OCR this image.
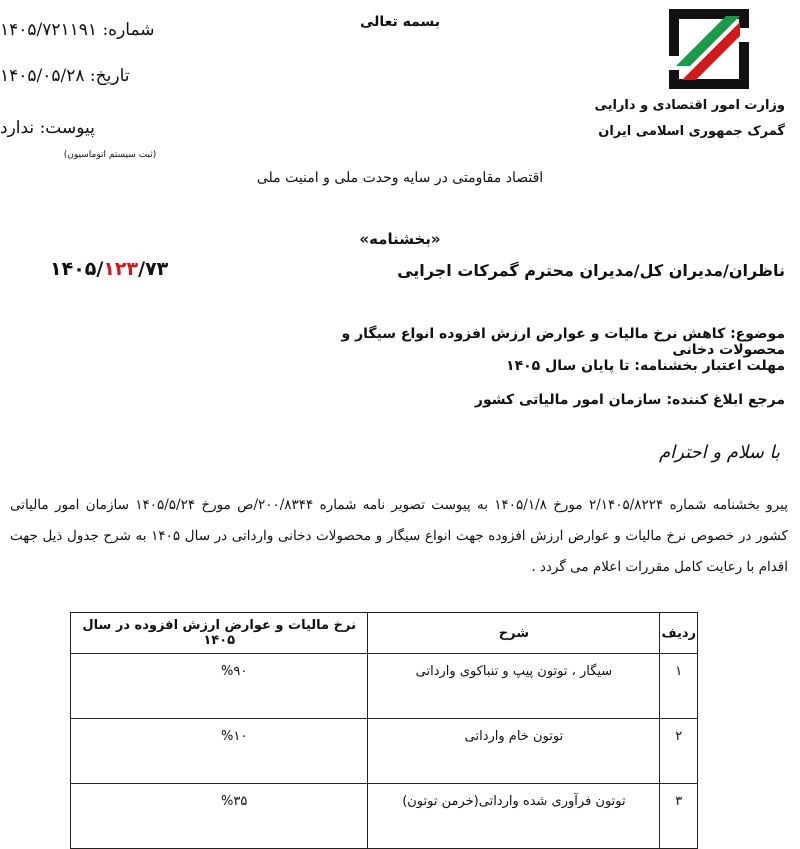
بسمه تعالی
شماره: ۱۴۰۵/۷۲۱۱۹۱
تاریخ: ۱۴۰۵/۰۵/۲۸
پیوست: ندارد
(ثبت سیستم اتوماسیون)
وزارت امور اقتصادی و دارایی
گمرک جمهوری اسلامی ایران
اقتصاد مقاومتی در سایه وحدت ملی و امنیت ملی
«بخشنامه»
ناظران/مدیران کل/مدیران محترم گمرکات اجرایی
۱۴۰۵/۱۲۳/۷۳
موضوع: کاهش نرخ مالیات و عوارض ارزش افزوده انواع سیگار و محصولات دخانی
مهلت اعتبار بخشنامه: تا پایان سال ۱۴۰۵
مرجع ابلاغ کننده: سازمان امور مالیاتی کشور
با سلام و احترام
پیرو بخشنامه شماره ۲/۱۴۰۵/۸۲۲۴ مورخ ۱۴۰۵/۱/۸ به پیوست تصویر نامه شماره ۲۰۰/۸۳۴۴/ص مورخ ۱۴۰۵/۵/۲۴ سازمان امور مالیاتی کشور در خصوص نرخ مالیات و عوارض ارزش افزوده جهت انواع سیگار و محصولات دخانی وارداتی در سال ۱۴۰۵ به شرح جدول ذیل جهت اقدام با رعایت کامل مقررات اعلام می گردد .
ردیف	شرح	نرخ مالیات و عوارض ارزش افزوده در سال ۱۴۰۵
۱	سیگار ، توتون پیپ و تنباکوی وارداتی	%۹۰
۲	توتون خام وارداتی	%۱۰
۳	توتون فرآوری شده وارداتی(خرمن توتون)	%۳۵
